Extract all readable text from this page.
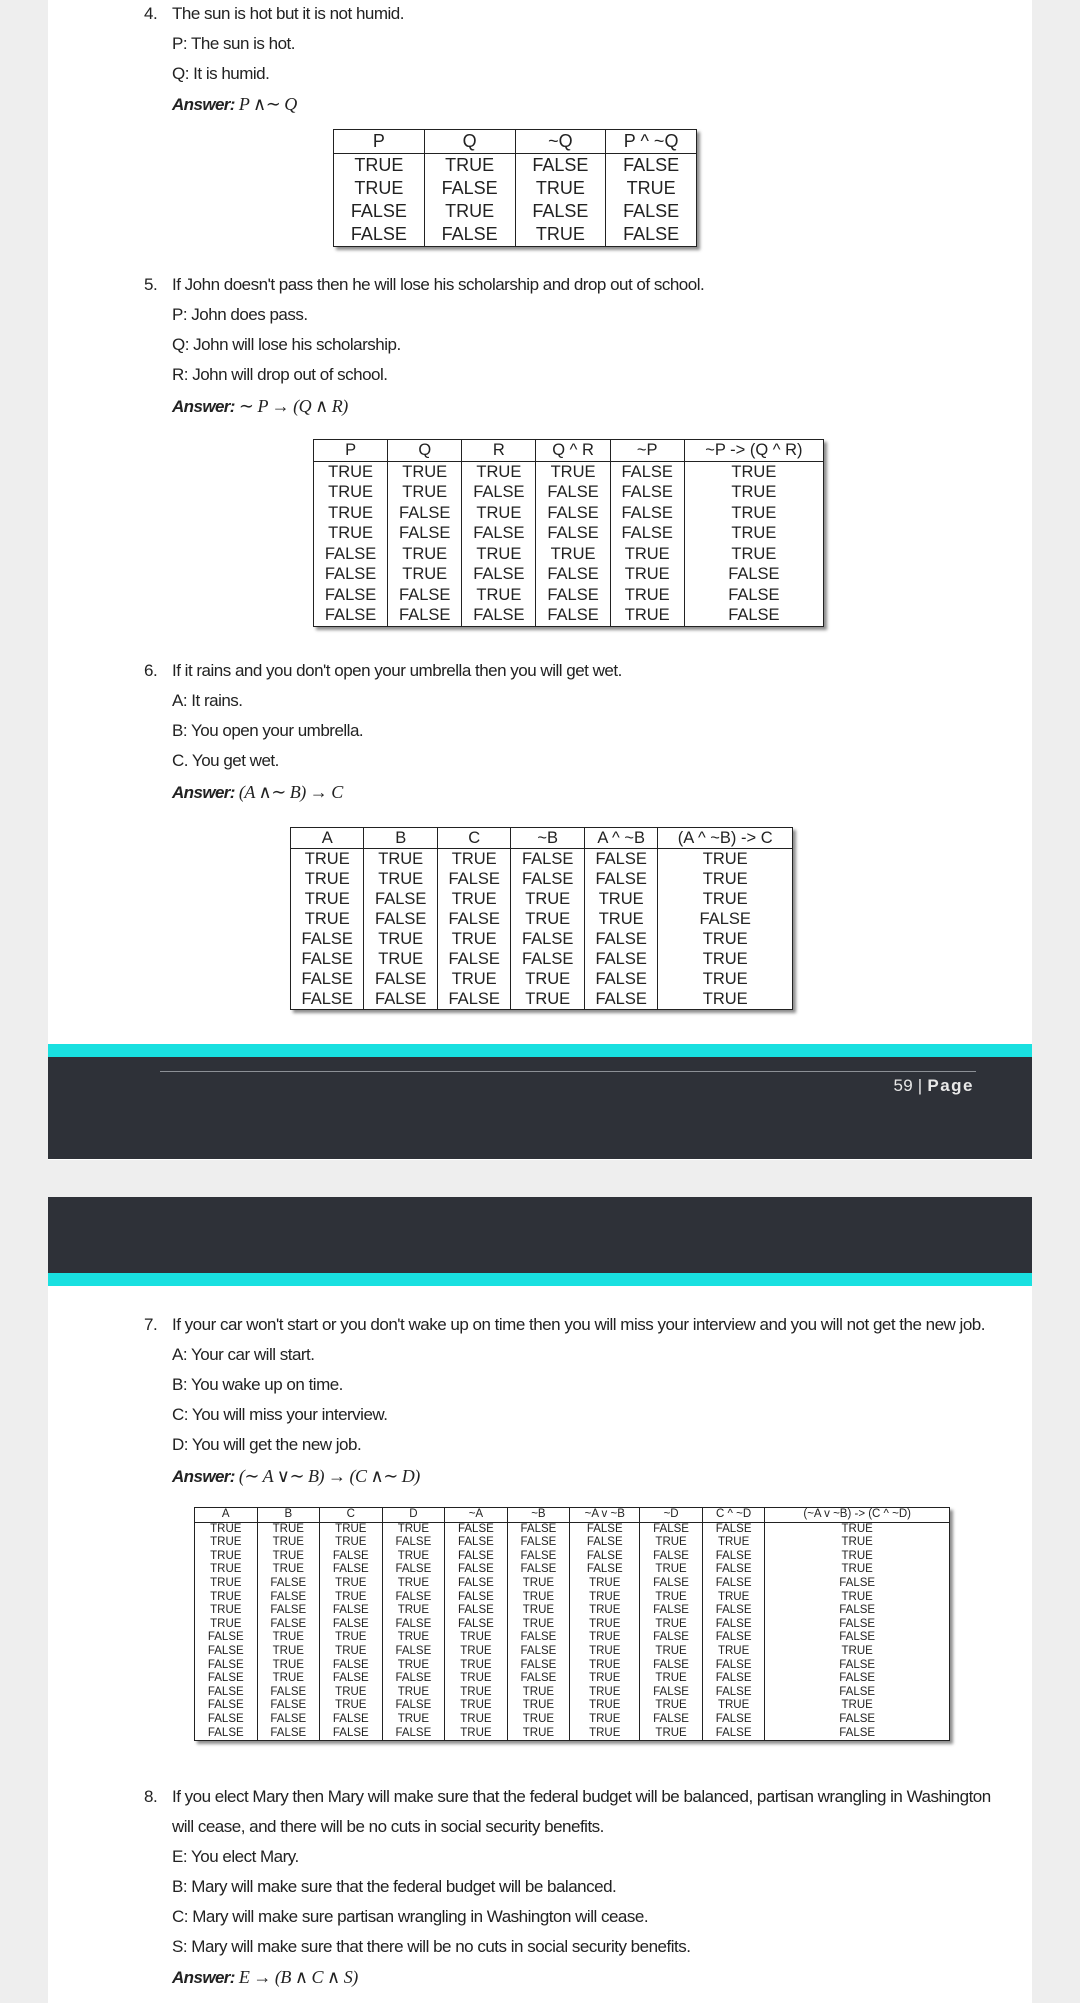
4. The sun is hot but it is not humid.
P: The sun is hot.
Q: It is humid.
Answer: P ∧∼ Q
P	Q	~Q	P ^ ~Q
TRUE	TRUE	FALSE	FALSE
TRUE	FALSE	TRUE	TRUE
FALSE	TRUE	FALSE	FALSE
FALSE	FALSE	TRUE	FALSE
5. If John doesn't pass then he will lose his scholarship and drop out of school.
P: John does pass.
Q: John will lose his scholarship.
R: John will drop out of school.
Answer: ∼ P → (Q ∧ R)
P	Q	R	Q ^ R	~P	~P -> (Q ^ R)
TRUE	TRUE	TRUE	TRUE	FALSE	TRUE
TRUE	TRUE	FALSE	FALSE	FALSE	TRUE
TRUE	FALSE	TRUE	FALSE	FALSE	TRUE
TRUE	FALSE	FALSE	FALSE	FALSE	TRUE
FALSE	TRUE	TRUE	TRUE	TRUE	TRUE
FALSE	TRUE	FALSE	FALSE	TRUE	FALSE
FALSE	FALSE	TRUE	FALSE	TRUE	FALSE
FALSE	FALSE	FALSE	FALSE	TRUE	FALSE
6. If it rains and you don't open your umbrella then you will get wet.
A: It rains.
B: You open your umbrella.
C. You get wet.
Answer: (A ∧∼ B) → C
A	B	C	~B	A ^ ~B	(A ^ ~B) -> C
TRUE	TRUE	TRUE	FALSE	FALSE	TRUE
TRUE	TRUE	FALSE	FALSE	FALSE	TRUE
TRUE	FALSE	TRUE	TRUE	TRUE	TRUE
TRUE	FALSE	FALSE	TRUE	TRUE	FALSE
FALSE	TRUE	TRUE	FALSE	FALSE	TRUE
FALSE	TRUE	FALSE	FALSE	FALSE	TRUE
FALSE	FALSE	TRUE	TRUE	FALSE	TRUE
FALSE	FALSE	FALSE	TRUE	FALSE	TRUE
59 | Page
7. If your car won't start or you don't wake up on time then you will miss your interview and you will not get the new job.
A: Your car will start.
B: You wake up on time.
C: You will miss your interview.
D: You will get the new job.
Answer: (∼ A ∨∼ B) → (C ∧∼ D)
A	B	C	D	~A	~B	~A v ~B	~D	C ^ ~D	(~A v ~B) -> (C ^ ~D)
TRUE	TRUE	TRUE	TRUE	FALSE	FALSE	FALSE	FALSE	FALSE	TRUE
TRUE	TRUE	TRUE	FALSE	FALSE	FALSE	FALSE	TRUE	TRUE	TRUE
TRUE	TRUE	FALSE	TRUE	FALSE	FALSE	FALSE	FALSE	FALSE	TRUE
TRUE	TRUE	FALSE	FALSE	FALSE	FALSE	FALSE	TRUE	FALSE	TRUE
TRUE	FALSE	TRUE	TRUE	FALSE	TRUE	TRUE	FALSE	FALSE	FALSE
TRUE	FALSE	TRUE	FALSE	FALSE	TRUE	TRUE	TRUE	TRUE	TRUE
TRUE	FALSE	FALSE	TRUE	FALSE	TRUE	TRUE	FALSE	FALSE	FALSE
TRUE	FALSE	FALSE	FALSE	FALSE	TRUE	TRUE	TRUE	FALSE	FALSE
FALSE	TRUE	TRUE	TRUE	TRUE	FALSE	TRUE	FALSE	FALSE	FALSE
FALSE	TRUE	TRUE	FALSE	TRUE	FALSE	TRUE	TRUE	TRUE	TRUE
FALSE	TRUE	FALSE	TRUE	TRUE	FALSE	TRUE	FALSE	FALSE	FALSE
FALSE	TRUE	FALSE	FALSE	TRUE	FALSE	TRUE	TRUE	FALSE	FALSE
FALSE	FALSE	TRUE	TRUE	TRUE	TRUE	TRUE	FALSE	FALSE	FALSE
FALSE	FALSE	TRUE	FALSE	TRUE	TRUE	TRUE	TRUE	TRUE	TRUE
FALSE	FALSE	FALSE	TRUE	TRUE	TRUE	TRUE	FALSE	FALSE	FALSE
FALSE	FALSE	FALSE	FALSE	TRUE	TRUE	TRUE	TRUE	FALSE	FALSE
8. If you elect Mary then Mary will make sure that the federal budget will be balanced, partisan wrangling in Washington
will cease, and there will be no cuts in social security benefits.
E: You elect Mary.
B: Mary will make sure that the federal budget will be balanced.
C: Mary will make sure partisan wrangling in Washington will cease.
S: Mary will make sure that there will be no cuts in social security benefits.
Answer: E → (B ∧ C ∧ S)
